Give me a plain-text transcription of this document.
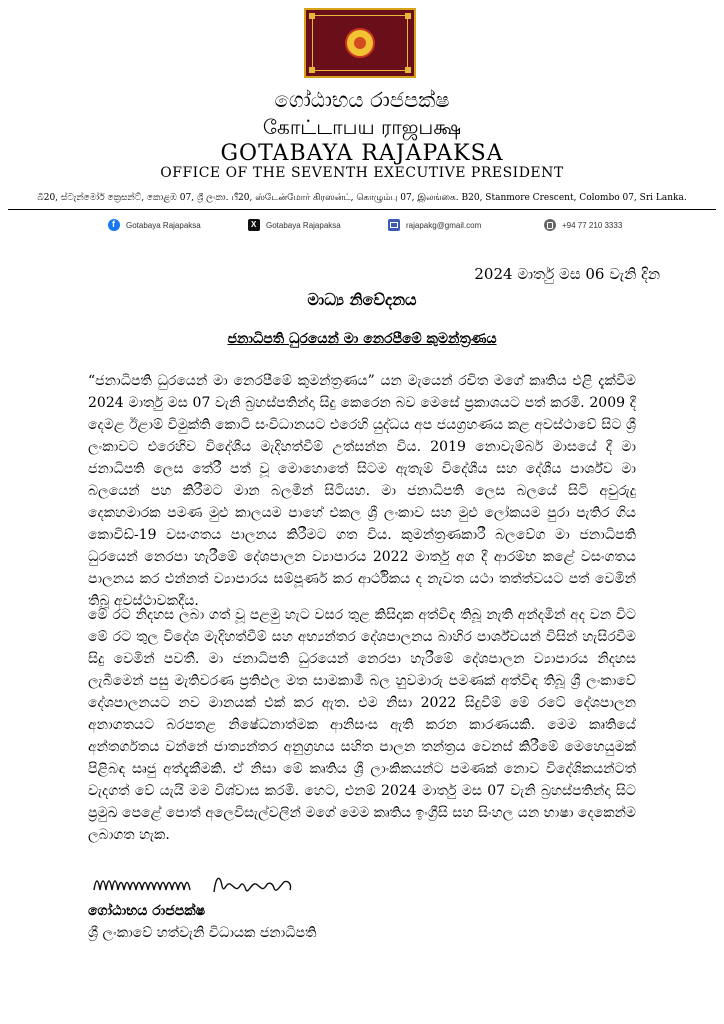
ගෝඨාභය රාජපක්ෂ
கோட்டாபய ராஜபக்ஷ
GOTABAYA RAJAPAKSA
OFFICE OF THE SEVENTH EXECUTIVE PRESIDENT
බී20, ස්ටැන්මෝර් ක්‍රෙසන්ට්, කොළඹ 07, ශ්‍රී ලංකා. பீ20, ஸ்டேன்மோர் கிரஸன்ட், கொழும்பு 07, இலங்கை. B20, Stanmore Crescent, Colombo 07, Sri Lanka.
f
Gotabaya Rajapaksa
X	Gotabaya Rajapaksa	rajapakg@gmail.com	+94 77 210 3333
2024 මාර්තු මස 06 වැනි දින
මාධ්‍ය නිවේදනය
ජනාධිපති ධුරයෙන් මා නෙරපීමේ කුමන්ත්‍රණය
“ජනාධිපති ධුරයෙන් මා නෙරපීමේ කුමන්ත්‍රණය” යන මැයෙන් රචිත මගේ කෘතිය එළි දැක්වීම 2024 මාර්තු මස 07 වැනි බ්‍රහස්පතින්දා සිදු කෙරෙන බව මෙසේ ප්‍රකාශයට පත් කරමි. 2009 දී දෙමළ ඊළාම් විමුක්ති කොටි සංවිධානයට එරෙහි යුද්ධය අප ජයග්‍රහණය කළ අවස්ථාවේ සිට ශ්‍රී ලංකාවට එරෙහිව විදේශීය මැදිහත්වීම් උත්සන්න විය. 2019 නොවැම්බර් මාසයේ දී මා ජනාධිපති ලෙස තේරී පත් වූ මොහොතේ සිටම ඇතැම් විදේශීය සහ දේශීය පාර්ශ්ව මා බලයෙන් පහ කිරීමට මාන බලමින් සිටියහ. මා ජනාධිපති ලෙස බලයේ සිටි අවුරුදු දෙකහමාරක පමණ මුළු කාලයම පාහේ එකල ශ්‍රී ලංකාව සහ මුළු ලෝකයම පුරා පැතිර ගිය කොවිඩ්-19 වසංගතය පාලනය කිරීමට ගත විය. කුමන්ත්‍රණකාරී බලවේග මා ජනාධිපති ධුරයෙන් නෙරපා හැරීමේ දේශපාලන ව්‍යාපාරය 2022 මාර්තු අග දී ආරම්භ කළේ වසංගතය පාලනය කර එන්නත් ව්‍යාපාරය සම්පූර්ණ කර ආර්ථිකය ද නැවත යථා තත්ත්වයට පත් වෙමින් තිබූ අවස්ථාවකදීය.
මේ රට නිදහස ලබා ගත් වූ පළමු හැට වසර තුළ කිසිදාක අත්විඳ තිබූ නැති අන්දමින් අද වන විට මේ රට තුල විදේශ මැදිහත්වීම් සහ අභ්‍යන්තර දේශපාලනය බාහිර පාර්ශ්වයන් විසින් හැසිරවීම සිදු වෙමින් පවතී. මා ජනාධිපති ධුරයෙන් නෙරපා හැරීමේ දේශපාලන ව්‍යාපාරය නිදහස ලැබීමෙන් පසු මැතිවරණ ප්‍රතිඵල මත සාමකාමී බල හුවමාරු පමණක් අත්විඳ තිබූ ශ්‍රී ලංකාවේ දේශපාලනයට නව මානයක් එක් කර ඇත. එම නිසා 2022 සිදුවීම් මේ රටේ දේශපාලන අනාගතයට බරපතළ නිෂේධනාත්මක ආනිසංස ඇති කරන කාරණයකි. මෙම කෘතියේ අන්තර්ගතය වන්නේ ජාත්‍යන්තර අනුග්‍රහය සහිත පාලන තන්ත්‍රය වෙනස් කිරීමේ මෙහෙයුමක් පිළිබඳ සෘජු අත්දැකීමකි. ඒ නිසා මේ කෘතිය ශ්‍රී ලාංකිකයන්ට පමණක් නොව විදේශිකයන්ටත් වැදගත් වේ යැයි මම විශ්වාස කරමි. හෙට, එනම් 2024 මාර්තු මස 07 වැනි බ්‍රහස්පතින්දා සිට ප්‍රමුඛ පෙළේ පොත් අලෙවිසැල්වලින් මගේ මෙම කෘතිය ඉංග්‍රීසි සහ සිංහල යන භාෂා දෙකෙන්ම ලබාගත හැක.
ගෝඨාභය රාජපක්ෂ
ශ්‍රී ලංකාවේ හත්වැනි විධායක ජනාධිපති
